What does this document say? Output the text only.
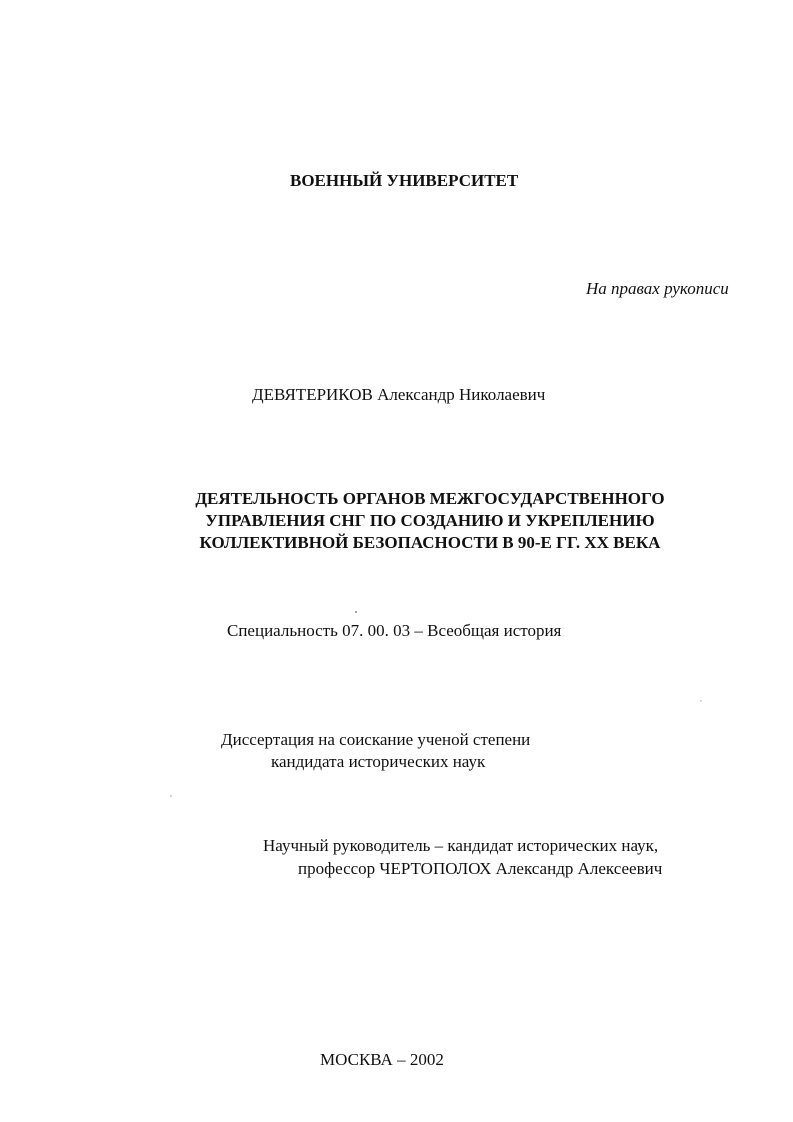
ВОЕННЫЙ УНИВЕРСИТЕТ
На правах рукописи
ДЕВЯТЕРИКОВ Александр Николаевич
ДЕЯТЕЛЬНОСТЬ ОРГАНОВ МЕЖГОСУДАРСТВЕННОГО
УПРАВЛЕНИЯ СНГ ПО СОЗДАНИЮ И УКРЕПЛЕНИЮ
КОЛЛЕКТИВНОЙ БЕЗОПАСНОСТИ В 90-Е ГГ. XX ВЕКА
Специальность 07. 00. 03 – Всеобщая история
Диссертация на соискание ученой степени
кандидата исторических наук
Научный руководитель – кандидат исторических наук,
профессор ЧЕРТОПОЛОХ Александр Алексеевич
МОСКВА – 2002
